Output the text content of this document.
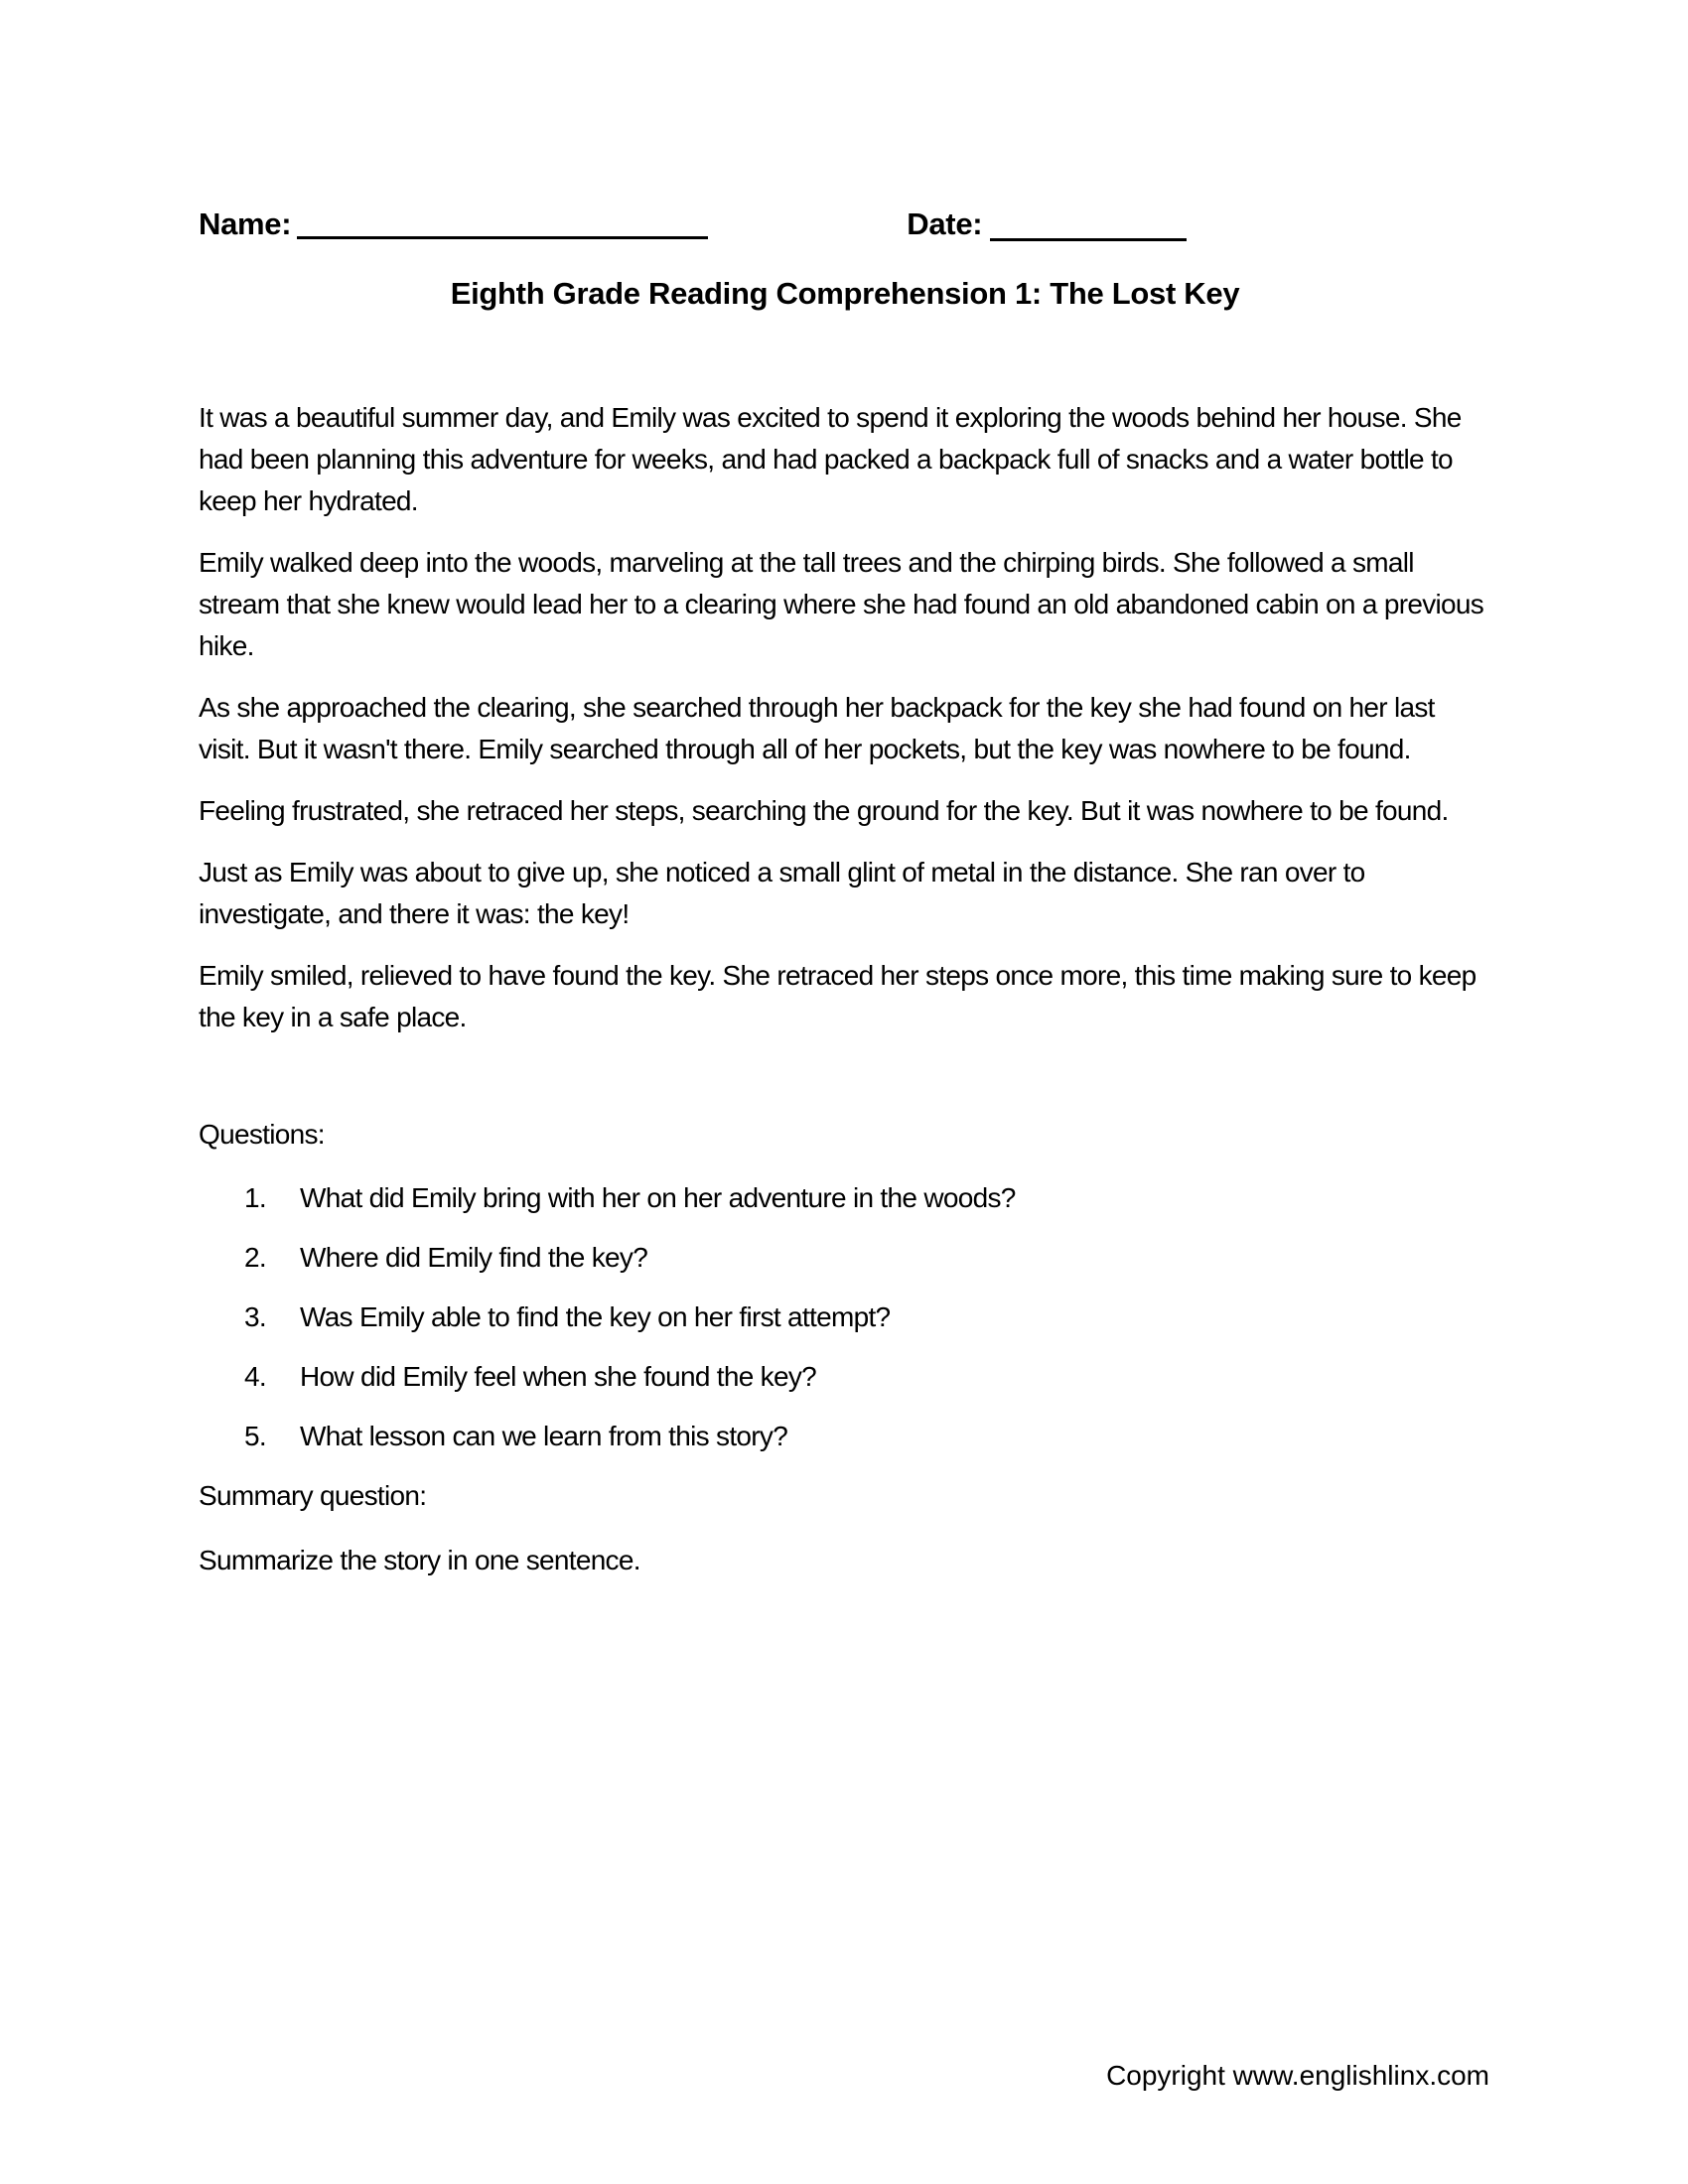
Name:	Date:
Eighth Grade Reading Comprehension 1: The Lost Key

It was a beautiful summer day, and Emily was excited to spend it exploring the woods behind her house. She had been planning this adventure for weeks, and had packed a backpack full of snacks and a water bottle to keep her hydrated.

Emily walked deep into the woods, marveling at the tall trees and the chirping birds. She followed a small stream that she knew would lead her to a clearing where she had found an old abandoned cabin on a previous hike.

As she approached the clearing, she searched through her backpack for the key she had found on her last visit. But it wasn't there. Emily searched through all of her pockets, but the key was nowhere to be found.

Feeling frustrated, she retraced her steps, searching the ground for the key. But it was nowhere to be found.

Just as Emily was about to give up, she noticed a small glint of metal in the distance. She ran over to investigate, and there it was: the key!

Emily smiled, relieved to have found the key. She retraced her steps once more, this time making sure to keep the key in a safe place.

Questions:
1.	What did Emily bring with her on her adventure in the woods?
2.	Where did Emily find the key?
3.	Was Emily able to find the key on her first attempt?
4.	How did Emily feel when she found the key?
5.	What lesson can we learn from this story?
Summary question:
Summarize the story in one sentence.
Copyright www.englishlinx.com
